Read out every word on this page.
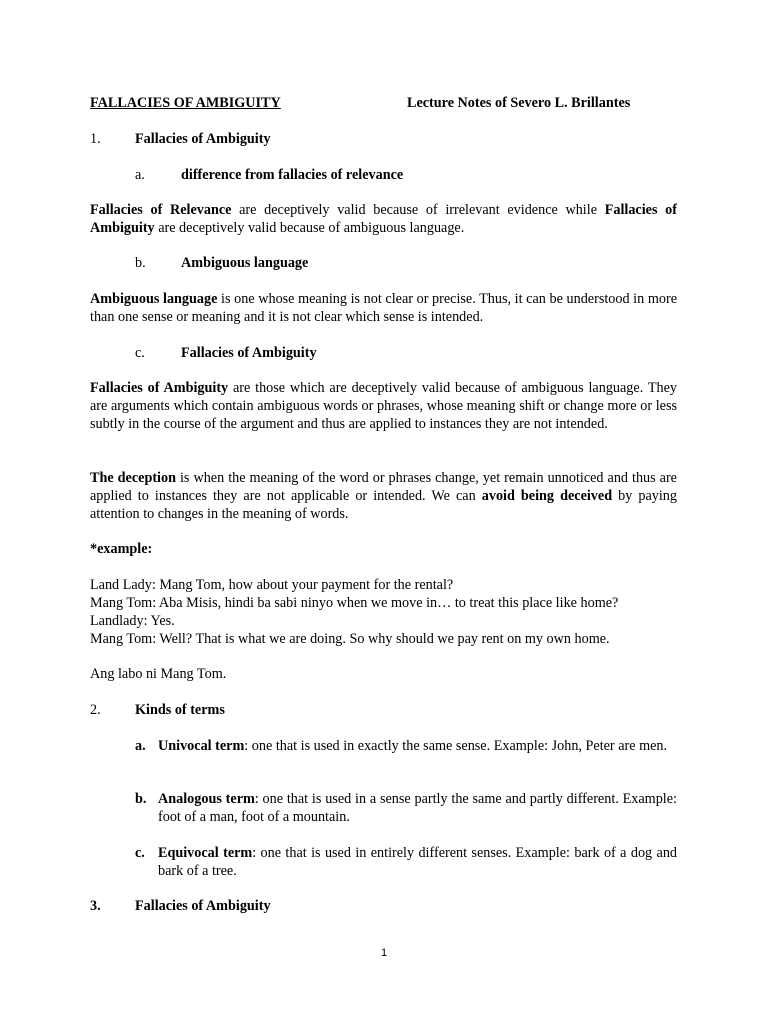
FALLACIES OF AMBIGUITY	Lecture Notes of Severo L. Brillantes
1. Fallacies of Ambiguity
a.	difference from fallacies of relevance
Fallacies of Relevance are deceptively valid because of irrelevant evidence while Fallacies of Ambiguity are deceptively valid because of ambiguous language.
b. Ambiguous language
Ambiguous language is one whose meaning is not clear or precise. Thus, it can be understood in more than one sense or meaning and it is not clear which sense is intended.
c.	Fallacies of Ambiguity
Fallacies of Ambiguity are those which are deceptively valid because of ambiguous language. They are arguments which contain ambiguous words or phrases, whose meaning shift or change more or less subtly in the course of the argument and thus are applied to instances they are not intended.
The deception is when the meaning of the word or phrases change, yet remain unnoticed and thus are applied to instances they are not applicable or intended. We can avoid being deceived by paying attention to changes in the meaning of words.
*example:
Land Lady: Mang Tom, how about your payment for the rental?
Mang Tom: Aba Misis, hindi ba sabi ninyo when we move in… to treat this place like home?
Landlady: Yes.
Mang Tom: Well? That is what we are doing. So why should we pay rent on my own home.
Ang labo ni Mang Tom.
2. Kinds of terms
a. Univocal term: one that is used in exactly the same sense. Example: John, Peter are men.
b. Analogous term: one that is used in a sense partly the same and partly different. Example: foot of a man, foot of a mountain.
c. Equivocal term: one that is used in entirely different senses. Example: bark of a dog and bark of a tree.
3. Fallacies of Ambiguity
1
